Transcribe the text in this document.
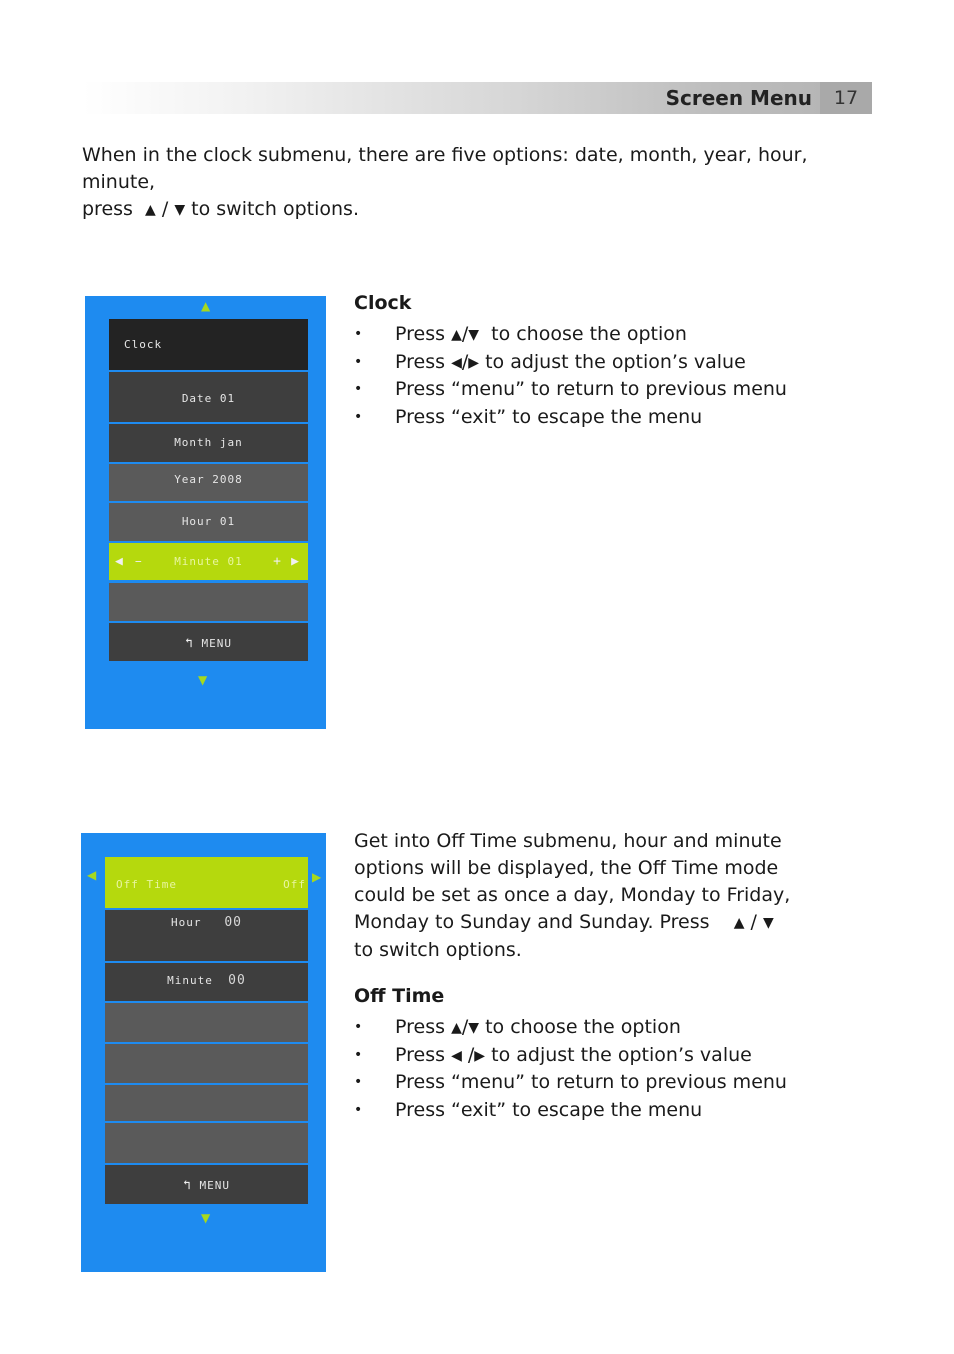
Screen Menu	17
When in the clock submenu, there are five options: date, month, year, hour, minute,
press ▲ / ▼ to switch options.
▲
Clock
Date 01
Month jan
Year 2008
Hour 01
◀ −	Minute 01 + ▶
↰ MENU
▼
Clock
• Press ▲/▼ to choose the option
• Press ◀/▶ to adjust the option’s value
• Press “menu” to return to previous menu
• Press “exit” to escape the menu
◀	▶
Off Time	Off
Hour 00
Minute 00
↰ MENU
▼
Get into Off Time submenu, hour and minute
options will be displayed, the Off Time mode
could be set as once a day, Monday to Friday,
Monday to Sunday and Sunday. Press ▲ / ▼
to switch options.
Off Time
• Press ▲/▼ to choose the option
• Press ◀ /▶ to adjust the option’s value
• Press “menu” to return to previous menu
• Press “exit” to escape the menu
